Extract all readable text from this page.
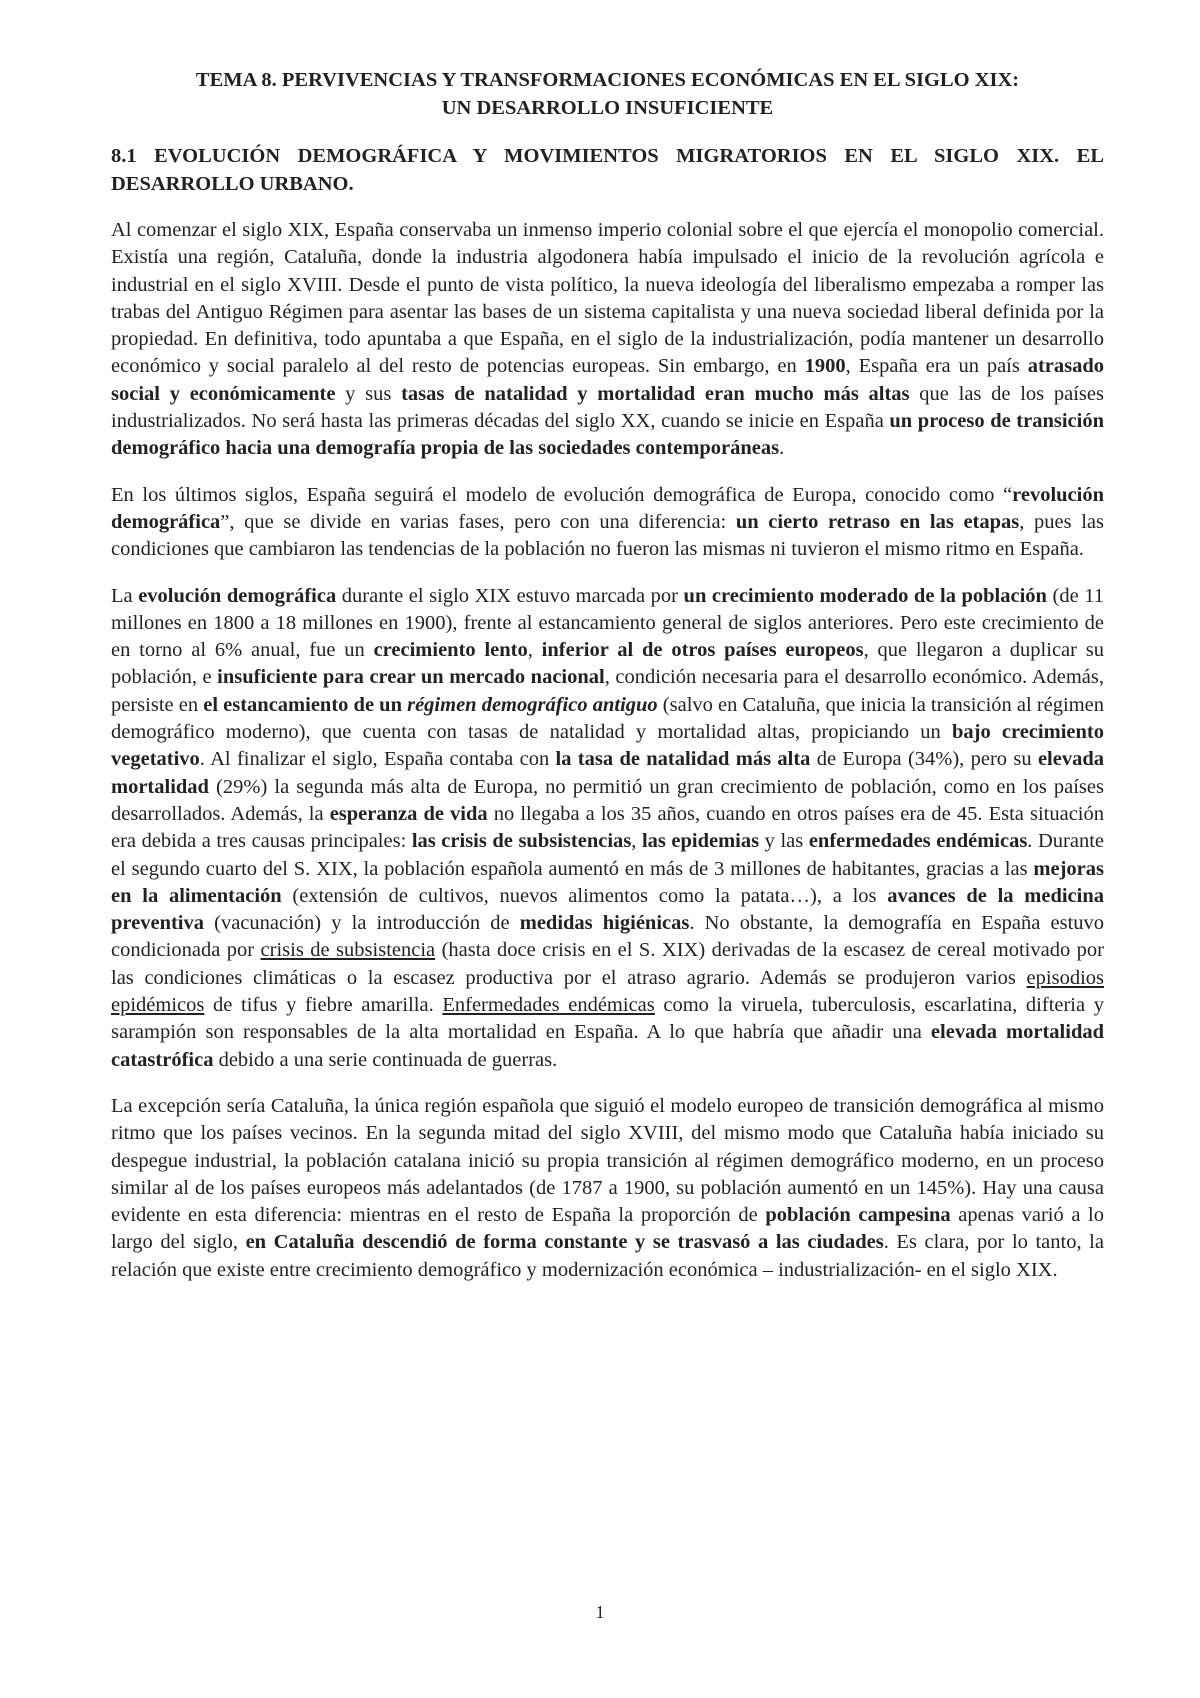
TEMA 8. PERVIVENCIAS Y TRANSFORMACIONES ECONÓMICAS EN EL SIGLO XIX:
UN DESARROLLO INSUFICIENTE

8.1 EVOLUCIÓN DEMOGRÁFICA Y MOVIMIENTOS MIGRATORIOS EN EL SIGLO XIX. EL DESARROLLO URBANO.

Al comenzar el siglo XIX, España conservaba un inmenso imperio colonial sobre el que ejercía el monopolio comercial. Existía una región, Cataluña, donde la industria algodonera había impulsado el inicio de la revolución agrícola e industrial en el siglo XVIII. Desde el punto de vista político, la nueva ideología del liberalismo empezaba a romper las trabas del Antiguo Régimen para asentar las bases de un sistema capitalista y una nueva sociedad liberal definida por la propiedad. En definitiva, todo apuntaba a que España, en el siglo de la industrialización, podía mantener un desarrollo económico y social paralelo al del resto de potencias europeas. Sin embargo, en 1900, España era un país atrasado social y económicamente y sus tasas de natalidad y mortalidad eran mucho más altas que las de los países industrializados. No será hasta las primeras décadas del siglo XX, cuando se inicie en España un proceso de transición demográfico hacia una demografía propia de las sociedades contemporáneas.

En los últimos siglos, España seguirá el modelo de evolución demográfica de Europa, conocido como “revolución demográfica”, que se divide en varias fases, pero con una diferencia: un cierto retraso en las etapas, pues las condiciones que cambiaron las tendencias de la población no fueron las mismas ni tuvieron el mismo ritmo en España.

La evolución demográfica durante el siglo XIX estuvo marcada por un crecimiento moderado de la población (de 11 millones en 1800 a 18 millones en 1900), frente al estancamiento general de siglos anteriores. Pero este crecimiento de en torno al 6% anual, fue un crecimiento lento, inferior al de otros países europeos, que llegaron a duplicar su población, e insuficiente para crear un mercado nacional, condición necesaria para el desarrollo económico. Además, persiste en el estancamiento de un régimen demográfico antiguo (salvo en Cataluña, que inicia la transición al régimen demográfico moderno), que cuenta con tasas de natalidad y mortalidad altas, propiciando un bajo crecimiento vegetativo. Al finalizar el siglo, España contaba con la tasa de natalidad más alta de Europa (34%), pero su elevada mortalidad (29%) la segunda más alta de Europa, no permitió un gran crecimiento de población, como en los países desarrollados. Además, la esperanza de vida no llegaba a los 35 años, cuando en otros países era de 45. Esta situación era debida a tres causas principales: las crisis de subsistencias, las epidemias y las enfermedades endémicas. Durante el segundo cuarto del S. XIX, la población española aumentó en más de 3 millones de habitantes, gracias a las mejoras en la alimentación (extensión de cultivos, nuevos alimentos como la patata…), a los avances de la medicina preventiva (vacunación) y la introducción de medidas higiénicas. No obstante, la demografía en España estuvo condicionada por crisis de subsistencia (hasta doce crisis en el S. XIX) derivadas de la escasez de cereal motivado por las condiciones climáticas o la escasez productiva por el atraso agrario. Además se produjeron varios episodios epidémicos de tifus y fiebre amarilla. Enfermedades endémicas como la viruela, tuberculosis, escarlatina, difteria y sarampión son responsables de la alta mortalidad en España. A lo que habría que añadir una elevada mortalidad catastrófica debido a una serie continuada de guerras.

La excepción sería Cataluña, la única región española que siguió el modelo europeo de transición demográfica al mismo ritmo que los países vecinos. En la segunda mitad del siglo XVIII, del mismo modo que Cataluña había iniciado su despegue industrial, la población catalana inició su propia transición al régimen demográfico moderno, en un proceso similar al de los países europeos más adelantados (de 1787 a 1900, su población aumentó en un 145%). Hay una causa evidente en esta diferencia: mientras en el resto de España la proporción de población campesina apenas varió a lo largo del siglo, en Cataluña descendió de forma constante y se trasvasó a las ciudades. Es clara, por lo tanto, la relación que existe entre crecimiento demográfico y modernización económica – industrialización- en el siglo XIX.

1
